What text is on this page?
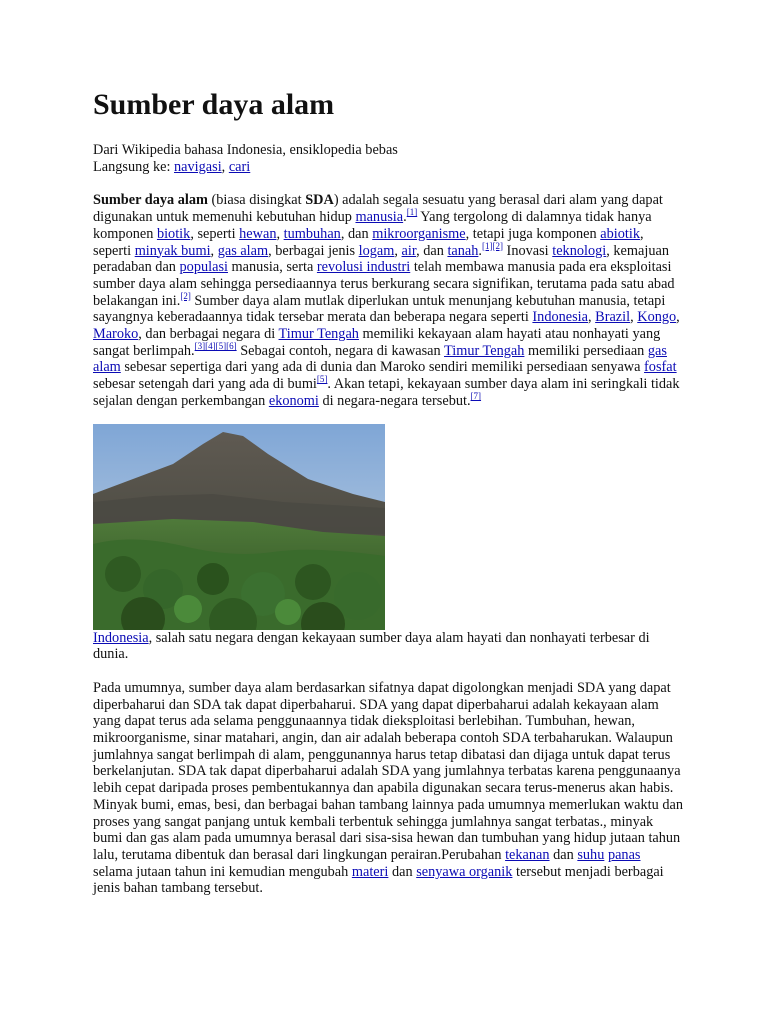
Sumber daya alam
Dari Wikipedia bahasa Indonesia, ensiklopedia bebas
Langsung ke: navigasi, cari

Sumber daya alam (biasa disingkat SDA) adalah segala sesuatu yang berasal dari alam yang dapat digunakan untuk memenuhi kebutuhan hidup manusia.[1] Yang tergolong di dalamnya tidak hanya komponen biotik, seperti hewan, tumbuhan, dan mikroorganisme, tetapi juga komponen abiotik, seperti minyak bumi, gas alam, berbagai jenis logam, air, dan tanah.[1][2] Inovasi teknologi, kemajuan peradaban dan populasi manusia, serta revolusi industri telah membawa manusia pada era eksploitasi sumber daya alam sehingga persediaannya terus berkurang secara signifikan, terutama pada satu abad belakangan ini.[2] Sumber daya alam mutlak diperlukan untuk menunjang kebutuhan manusia, tetapi sayangnya keberadaannya tidak tersebar merata dan beberapa negara seperti Indonesia, Brazil, Kongo, Maroko, dan berbagai negara di Timur Tengah memiliki kekayaan alam hayati atau nonhayati yang sangat berlimpah.[3][4][5][6] Sebagai contoh, negara di kawasan Timur Tengah memiliki persediaan gas alam sebesar sepertiga dari yang ada di dunia dan Maroko sendiri memiliki persediaan senyawa fosfat sebesar setengah dari yang ada di bumi[5]. Akan tetapi, kekayaan sumber daya alam ini seringkali tidak sejalan dengan perkembangan ekonomi di negara-negara tersebut.[7]

Indonesia, salah satu negara dengan kekayaan sumber daya alam hayati dan nonhayati terbesar di dunia.

Pada umumnya, sumber daya alam berdasarkan sifatnya dapat digolongkan menjadi SDA yang dapat diperbaharui dan SDA tak dapat diperbaharui. SDA yang dapat diperbaharui adalah kekayaan alam yang dapat terus ada selama penggunaannya tidak dieksploitasi berlebihan. Tumbuhan, hewan, mikroorganisme, sinar matahari, angin, dan air adalah beberapa contoh SDA terbaharukan. Walaupun jumlahnya sangat berlimpah di alam, penggunannya harus tetap dibatasi dan dijaga untuk dapat terus berkelanjutan. SDA tak dapat diperbaharui adalah SDA yang jumlahnya terbatas karena penggunaanya lebih cepat daripada proses pembentukannya dan apabila digunakan secara terus-menerus akan habis. Minyak bumi, emas, besi, dan berbagai bahan tambang lainnya pada umumnya memerlukan waktu dan proses yang sangat panjang untuk kembali terbentuk sehingga jumlahnya sangat terbatas., minyak bumi dan gas alam pada umumnya berasal dari sisa-sisa hewan dan tumbuhan yang hidup jutaan tahun lalu, terutama dibentuk dan berasal dari lingkungan perairan.Perubahan tekanan dan suhu panas selama jutaan tahun ini kemudian mengubah materi dan senyawa organik tersebut menjadi berbagai jenis bahan tambang tersebut.
